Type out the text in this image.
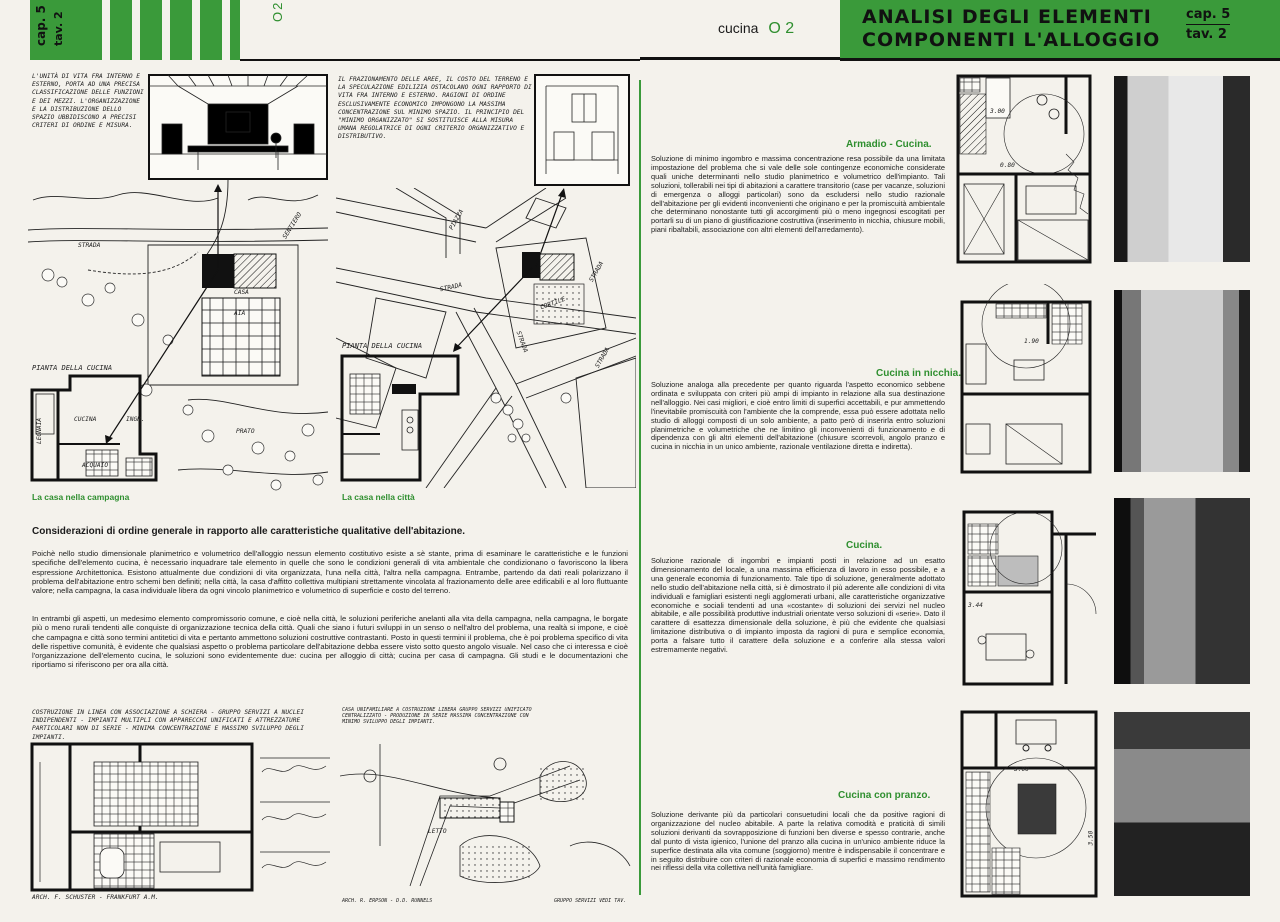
cap. 5 tav. 2
O2
cucina O 2
ANALISI DEGLI ELEMENTI
COMPONENTI L'ALLOGGIO
cap. 5
tav. 2
L'UNITÀ DI VITA FRA INTERNO E ESTERNO, PORTA AD UNA PRECISA CLASSIFICAZIONE DELLE FUNZIONI E DEI MEZZI. L'ORGANIZZAZIONE E LA DISTRIBUZIONE DELLO SPAZIO UBBIDISCONO A PRECISI CRITERI DI ORDINE E MISURA.
IL FRAZIONAMENTO DELLE AREE, IL COSTO DEL TERRENO E LA SPECULAZIONE EDILIZIA OSTACOLANO OGNI RAPPORTO DI VITA FRA INTERNO E ESTERNO. RAGIONI DI ORDINE ESCLUSIVAMENTE ECONOMICO IMPONGONO LA MASSIMA CONCENTRAZIONE SUL MINIMO SPAZIO. IL PRINCIPIO DEL "MINIMO ORGANIZZATO" SI SOSTITUISCE ALLA MISURA UMANA REGOLATRICE DI OGNI CRITERIO ORGANIZZATIVO E DISTRIBUTIVO.
STRADA
SENTIERO
CASA
AIA
PRATO
PIANTA DELLA CUCINA
CUCINA	INGR.
LEGNAIA
ACQUAIO
La casa nella campagna
PIAZZA
STRADA
STRADA
STRADA
STRADA
CORTILE
PIANTA DELLA CUCINA
La casa nella città
Considerazioni di ordine generale in rapporto alle caratteristiche qualitative dell'abitazione.
Poichè nello studio dimensionale planimetrico e volumetrico dell'alloggio nessun elemento costitutivo esiste a sè stante, prima di esaminare le caratteristiche e le funzioni specifiche dell'elemento cucina, è necessario inquadrare tale elemento in quelle che sono le condizioni generali di vita ambientale che condizionano o favoriscono la libera espressione Architettonica. Esistono attualmente due condizioni di vita organizzata, l'una nella città, l'altra nella campagna. Entrambe, partendo da dati reali polarizzano il problema dell'abitazione entro schemi ben definiti; nella città, la casa d'affitto collettiva multipiani strettamente vincolata al frazionamento delle aree edificabili e al loro fluttuante valore; nella campagna, la casa individuale libera da ogni vincolo planimetrico e volumetrico di superficie e costo del terreno.
In entrambi gli aspetti, un medesimo elemento compromissorio comune, e cioè nella città, le soluzioni periferiche anelanti alla vita della campagna, nella campagna, le borgate più o meno rurali tendenti alle conquiste di organizzazione tecnica della città. Quali che siano i futuri sviluppi in un senso o nell'altro del problema, una realtà si impone, e cioè che campagna e città sono termini antitetici di vita e pertanto ammettono soluzioni costruttive contrastanti. Posto in questi termini il problema, che è poi problema specifico di vita delle rispettive comunità, è evidente che qualsiasi aspetto o problema particolare dell'abitazione debba essere visto sotto questo angolo visuale. Nel caso che ci interessa e cioè l'organizzazione dell'elemento cucina, le soluzioni sono evidentemente due: cucina per alloggio di città; cucina per casa di campagna. Gli studi e le documentazioni che riportiamo si riferiscono per ora alla città.
COSTRUZIONE IN LINEA CON ASSOCIAZIONE A SCHIERA - GRUPPO SERVIZI A NUCLEI INDIPENDENTI - IMPIANTI MULTIPLI CON APPARECCHI UNIFICATI E ATTREZZATURE PARTICOLARI NON DI SERIE - MINIMA CONCENTRAZIONE E MASSIMO SVILUPPO DEGLI IMPIANTI.
CASA UNIFAMILIARE A COSTRUZIONE LIBERA GRUPPO SERVIZI UNIFICATO CENTRALIZZATO - PRODUZIONE IN SERIE MASSIMA CONCENTRAZIONE CON MINIMO SVILUPPO DEGLI IMPIANTI.
ARCH. F. SCHUSTER - FRANKFURT A.M.
LETTO
ARCH. R. ERPSON - D.D. RUNNELS	GRUPPO SERVIZI VEDI TAV.
Armadio - Cucina.
Soluzione di minimo ingombro e massima concentrazione resa possibile da una limitata impostazione del problema che si vale delle sole contingenze economiche considerate quali uniche determinanti nello studio planimetrico e volumetrico dell'impianto. Tali soluzioni, tollerabili nei tipi di abitazioni a carattere transitorio (case per vacanze, soluzioni di emergenza o alloggi particolari) sono da escludersi nello studio razionale dell'abitazione per gli evidenti inconvenienti che originano e per la promiscuità ambientale che determinano nonostante tutti gli accorgimenti più o meno ingegnosi escogitati per portarli su di un piano di giustificazione costruttiva (inserimento in nicchia, chiusure mobili, piani ribaltabili, associazione con altri elementi dell'arredamento).
3.00
0.80
Cucina in nicchia.
Soluzione analoga alla precedente per quanto riguarda l'aspetto economico sebbene ordinata e sviluppata con criteri più ampi di impianto in relazione alla sua destinazione nell'alloggio. Nei casi migliori, e cioè entro limiti di superfici accettabili, e pur ammettendo l'inevitabile promiscuità con l'ambiente che la comprende, essa può essere adottata nello studio di alloggi composti di un solo ambiente, a patto però di inserirla entro soluzioni planimetriche e volumetriche che ne limitino gli inconvenienti di funzionamento e di dipendenza con gli altri elementi dell'abitazione (chiusure scorrevoli, angolo pranzo e cucina in nicchia in un unico ambiente, razionale ventilazione diretta e indiretta).
1.90
Cucina.
Soluzione razionale di ingombri e impianti posti in relazione ad un esatto dimensionamento del locale, a una massima efficienza di lavoro in esso possibile, e a una generale economia di funzionamento. Tale tipo di soluzione, generalmente adottato nello studio dell'abitazione nella città, si è dimostrato il più aderente alle condizioni di vita individuali e famigliari esistenti negli agglomerati urbani, alle caratteristiche organizzative economiche e sociali tendenti ad una «costante» di soluzioni dei servizi nel nucleo abitabile, e alle possibilità produttive industriali orientate verso soluzioni di «serie». Dato il carattere di esattezza dimensionale della soluzione, è più che evidente che qualsiasi limitazione distributiva o di impianto imposta da ragioni di pura e semplice economia, porta a falsare tutto il carattere della soluzione e a conferire alla stessa valori estremamente negativi.
3.44
Cucina con pranzo.
Soluzione derivante più da particolari consuetudini locali che da positive ragioni di organizzazione del nucleo abitabile. A parte la relativa comodità e praticità di simili soluzioni derivanti da sovrapposizione di funzioni ben diverse e spesso contrarie, anche dal punto di vista igienico, l'unione del pranzo alla cucina in un'unico ambiente riduce la superfice destinata alla vita comune (soggiorno) mentre è indispensabile il concentrare e in seguito distribuire con criteri di razionale economia di superfici e massimo rendimento nei riflessi della vita collettiva nell'unità famigliare.
3.00
3.50
